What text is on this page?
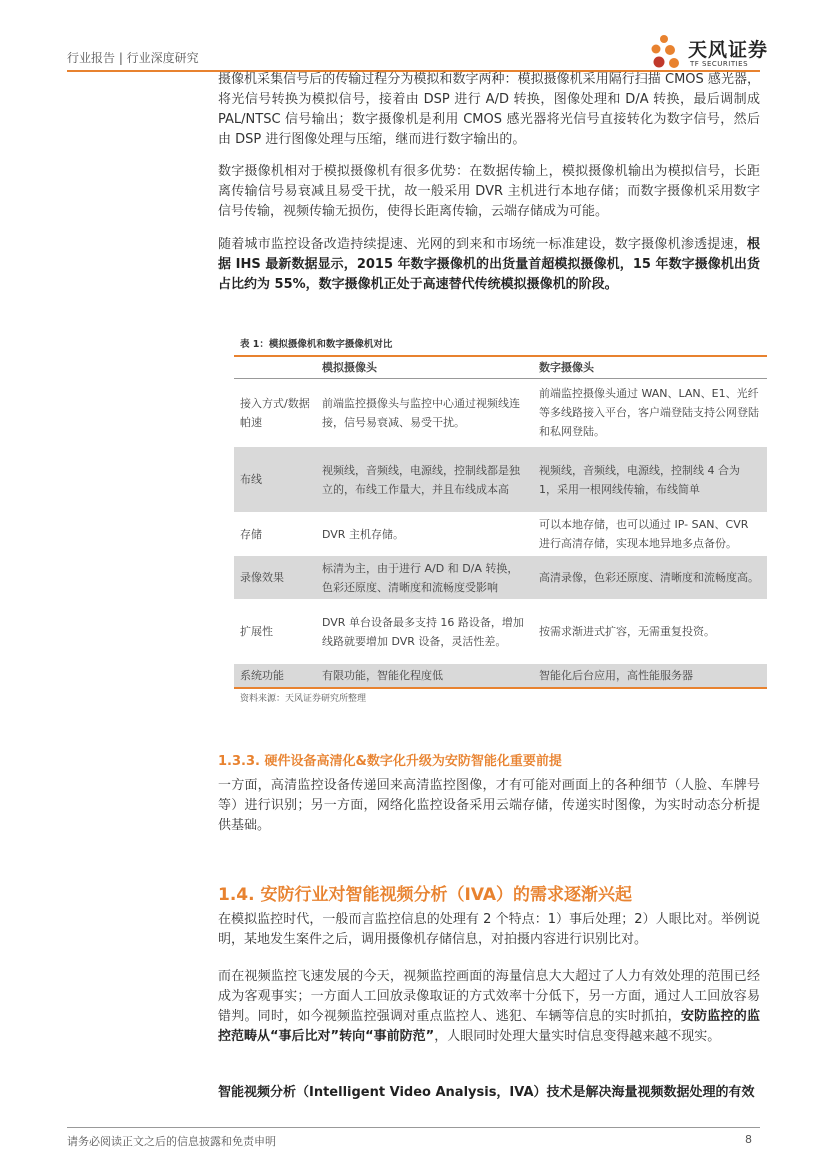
行业报告 | 行业深度研究	天风证券
TF SECURITIES

摄像机采集信号后的传输过程分为模拟和数字两种：模拟摄像机采用隔行扫描 CMOS 感光器，将光信号转换为模拟信号，接着由 DSP 进行 A/D 转换，图像处理和 D/A 转换，最后调制成 PAL/NTSC 信号输出；数字摄像机是利用 CMOS 感光器将光信号直接转化为数字信号，然后由 DSP 进行图像处理与压缩，继而进行数字输出的。

数字摄像机相对于模拟摄像机有很多优势：在数据传输上，模拟摄像机输出为模拟信号，长距离传输信号易衰减且易受干扰，故一般采用 DVR 主机进行本地存储；而数字摄像机采用数字信号传输，视频传输无损伤，使得长距离传输，云端存储成为可能。

随着城市监控设备改造持续提速、光网的到来和市场统一标准建设，数字摄像机渗透提速，根据 IHS 最新数据显示，2015 年数字摄像机的出货量首超模拟摄像机，15 年数字摄像机出货占比约为 55%，数字摄像机正处于高速替代传统模拟摄像机的阶段。

表 1：模拟摄像机和数字摄像机对比
	模拟摄像头	数字摄像头
接入方式/数据帕速	前端监控摄像头与监控中心通过视频线连接，信号易衰减、易受干扰。	前端监控摄像头通过 WAN、LAN、E1、光纤等多线路接入平台，客户端登陆支持公网登陆和私网登陆。
布线	视频线，音频线，电源线，控制线都是独立的，布线工作量大，并且布线成本高	视频线，音频线，电源线，控制线 4 合为 1，采用一根网线传输，布线简单
存储	DVR 主机存储。	可以本地存储，也可以通过 IP- SAN、CVR 进行高清存储，实现本地异地多点备份。
录像效果	标清为主，由于进行 A/D 和 D/A 转换，色彩还原度、清晰度和流畅度受影响	高清录像，色彩还原度、清晰度和流畅度高。
扩展性	DVR 单台设备最多支持 16 路设备，增加线路就要增加 DVR 设备，灵活性差。	按需求渐进式扩容，无需重复投资。
系统功能	有限功能，智能化程度低	智能化后台应用，高性能服务器
资料来源：天风证券研究所整理
1.3.3. 硬件设备高清化&数字化升级为安防智能化重要前提

一方面，高清监控设备传递回来高清监控图像，才有可能对画面上的各种细节（人脸、车牌号等）进行识别；另一方面，网络化监控设备采用云端存储，传递实时图像，为实时动态分析提供基础。

1.4. 安防行业对智能视频分析（IVA）的需求逐渐兴起

在模拟监控时代，一般而言监控信息的处理有 2 个特点：1）事后处理；2）人眼比对。举例说明，某地发生案件之后，调用摄像机存储信息，对拍摄内容进行识别比对。

而在视频监控飞速发展的今天，视频监控画面的海量信息大大超过了人力有效处理的范围已经成为客观事实；一方面人工回放录像取证的方式效率十分低下，另一方面，通过人工回放容易错判。同时，如今视频监控强调对重点监控人、逃犯、车辆等信息的实时抓拍，安防监控的监控范畴从“事后比对”转向“事前防范”，人眼同时处理大量实时信息变得越来越不现实。

智能视频分析（Intelligent Video Analysis，IVA）技术是解决海量视频数据处理的有效

请务必阅读正文之后的信息披露和免责申明	8
